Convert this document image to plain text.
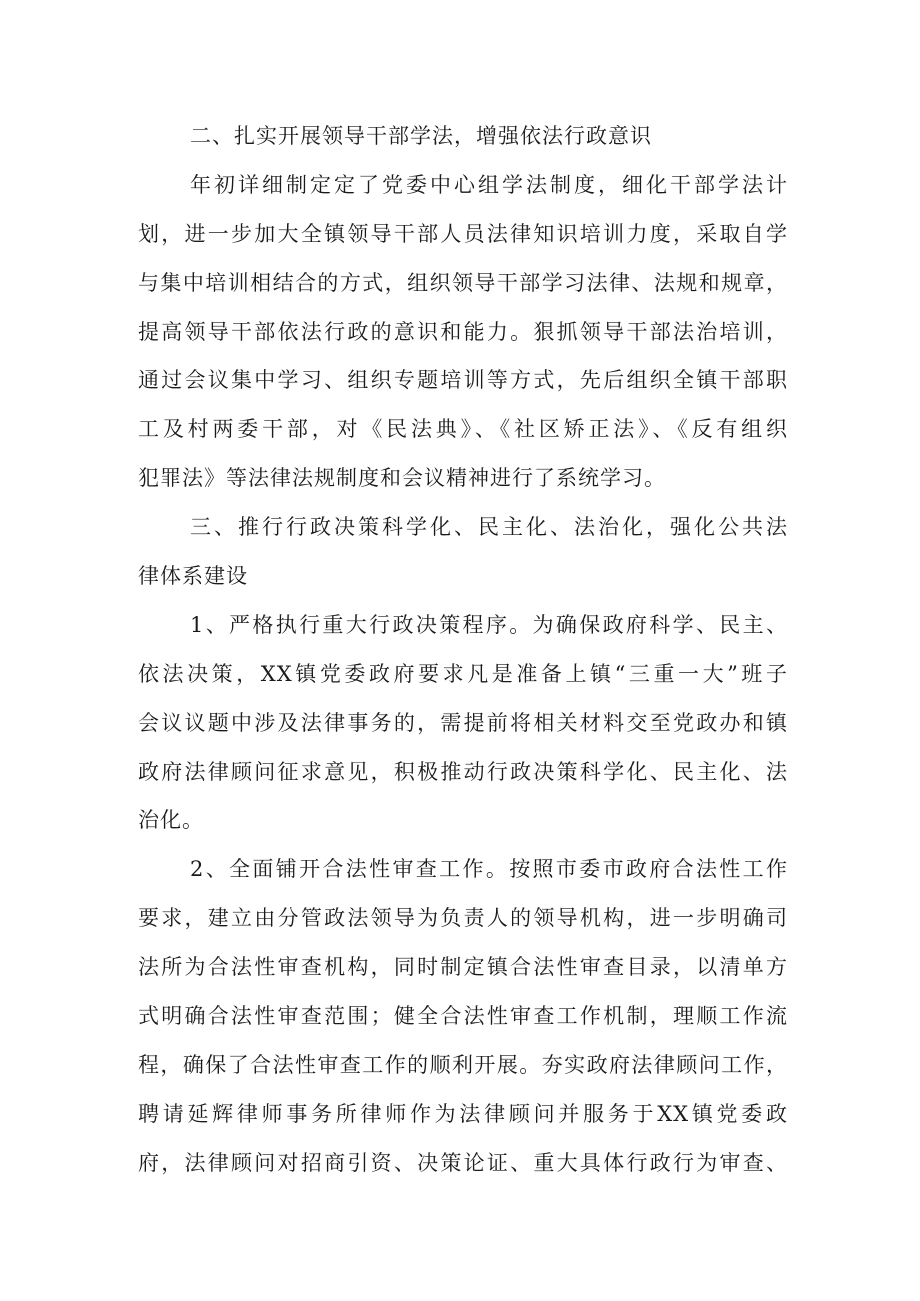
二、扎实开展领导干部学法，增强依法行政意识
年初详细制定定了党委中心组学法制度，细化干部学法计
划，进一步加大全镇领导干部人员法律知识培训力度，采取自学
与集中培训相结合的方式，组织领导干部学习法律、法规和规章，
提高领导干部依法行政的意识和能力。狠抓领导干部法治培训，
通过会议集中学习、组织专题培训等方式，先后组织全镇干部职
工及村两委干部，对《民法典》、《社区矫正法》、《反有组织
犯罪法》等法律法规制度和会议精神进行了系统学习。
三、推行行政决策科学化、民主化、法治化，强化公共法
律体系建设
1、严格执行重大行政决策程序。为确保政府科学、民主、
依法决策，XX镇党委政府要求凡是准备上镇“三重一大”班子
会议议题中涉及法律事务的，需提前将相关材料交至党政办和镇
政府法律顾问征求意见，积极推动行政决策科学化、民主化、法
治化。
2、全面铺开合法性审查工作。按照市委市政府合法性工作
要求，建立由分管政法领导为负责人的领导机构，进一步明确司
法所为合法性审查机构，同时制定镇合法性审查目录，以清单方
式明确合法性审查范围；健全合法性审查工作机制，理顺工作流
程，确保了合法性审查工作的顺利开展。夯实政府法律顾问工作，
聘请延辉律师事务所律师作为法律顾问并服务于XX镇党委政
府，法律顾问对招商引资、决策论证、重大具体行政行为审查、
